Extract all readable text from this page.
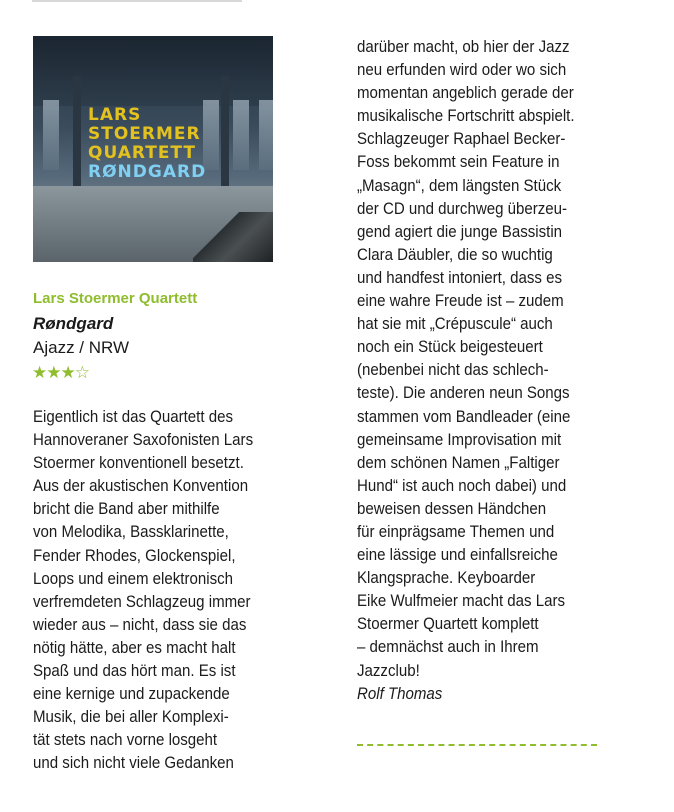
LARS
STOERMER
QUARTETT
RØNDGARD
Lars Stoermer Quartett
Røndgard
Ajazz / NRW
★★★☆
Eigentlich ist das Quartett des
Hannoveraner Saxofonisten Lars
Stoermer konventionell besetzt.
Aus der akustischen Konvention
bricht die Band aber mithilfe
von Melodika, Bassklarinette,
Fender Rhodes, Glockenspiel,
Loops und einem elektronisch
verfremdeten Schlagzeug immer
wieder aus – nicht, dass sie das
nötig hätte, aber es macht halt
Spaß und das hört man. Es ist
eine kernige und zupackende
Musik, die bei aller Komplexi-
tät stets nach vorne losgeht
und sich nicht viele Gedanken
darüber macht, ob hier der Jazz
neu erfunden wird oder wo sich
momentan angeblich gerade der
musikalische Fortschritt abspielt.
Schlagzeuger Raphael Becker-
Foss bekommt sein Feature in
„Masagn“, dem längsten Stück
der CD und durchweg überzeu-
gend agiert die junge Bassistin
Clara Däubler, die so wuchtig
und handfest intoniert, dass es
eine wahre Freude ist – zudem
hat sie mit „Crépuscule“ auch
noch ein Stück beigesteuert
(nebenbei nicht das schlech-
teste). Die anderen neun Songs
stammen vom Bandleader (eine
gemeinsame Improvisation mit
dem schönen Namen „Faltiger
Hund“ ist auch noch dabei) und
beweisen dessen Händchen
für einprägsame Themen und
eine lässige und einfallsreiche
Klangsprache. Keyboarder
Eike Wulfmeier macht das Lars
Stoermer Quartett komplett
– demnächst auch in Ihrem
Jazzclub!
Rolf Thomas
